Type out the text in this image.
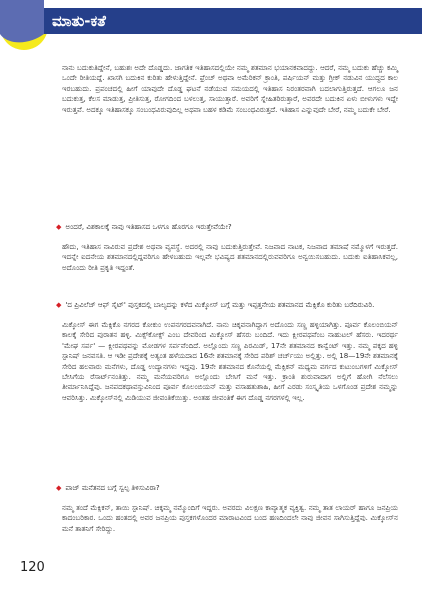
ಮಾತು-ಕತೆ
ನಾನು ಬದುಕುತಿದ್ದೇನೆ, ಬಹುಶಃ ಅದೇ ದೊಡ್ಡದು. ಜಾಗತಿಕ ಇತಿಹಾಸದಲ್ಲಿಯೇ ನಮ್ಮ ಶತಮಾನ ಭಯಾನಕವಾದದ್ದು. ಆದರೆ, ನಮ್ಮ ಬದುಕು ಹೆಚ್ಚು ಕಮ್ಮಿ ಒಂದೇ ರೀತಿಯದ್ದೆ. ಖಾಸಗಿ ಬದುಕಿನ ಕುರಿತು ಹೇಳುತ್ತಿದ್ದೇನೆ. ಫ್ರೆಂಚ್ ಅಥವಾ ಅಮೆರಿಕನ್ ಕ್ರಾಂತಿ, ಪರ್ಷಿಯನ್ ಮತ್ತು ಗ್ರೀಕ್ ನಡುವಿನ ಯುದ್ಧದ ಕಾಲ ಇರಬಹುದು. ಪ್ರಪಂಚದಲ್ಲಿ ಹೀಗೆ ಯಾವುದೇ ದೊಡ್ಡ ಘಟನೆ ನಡೆಯುವ ಸಮಯದಲ್ಲಿ ಇತಿಹಾಸ ನಿರಂತರವಾಗಿ ಬದಲಾಗುತ್ತಿರುತ್ತದೆ. ಆಗಲೂ ಜನ ಬದುಕುತ್ತ, ಕೆಲಸ ಮಾಡುತ್ತ, ಪ್ರೀತಿಸುತ್ತ, ರೋಗದಿಂದ ಬಳಲುತ್ತ, ಸಾಯುತ್ತಾರೆ. ಅವರಿಗೆ ಸ್ನೇಹಿತರಿರುತ್ತಾರೆ, ಅವರದೇ ಬದುಕಿನ ಏಳು ಬೀಳುಗಳು ಇದ್ದೇ ಇರುತ್ತವೆ. ಅದಕ್ಕೂ ಇತಿಹಾಸಕ್ಕೂ ಸಂಬಂಧವಿರುವುದಿಲ್ಲ ಅಥವಾ ಬಹಳ ಕಡಿಮೆ ಸಂಬಂಧವಿರುತ್ತದೆ. ಇತಿಹಾಸ ಎನ್ನುವುದೇ ಬೇರೆ, ನಮ್ಮ ಬದುಕೇ ಬೇರೆ.
◆ ಅಂದರೆ, ವಿಶಕಾಲಕ್ಕೆ ನಾವು ಇತಿಹಾಸದ ಒಳಗೂ ಹೊರಗೂ ಇರುತ್ತೇವೆಯೇ?
ಹೌದು, ಇತಿಹಾಸ ನಾವಿರುವ ಪ್ರದೇಶ ಅಥವಾ ವ್ಯವಸ್ಥೆ. ಅದರಲ್ಲಿ ನಾವು ಬದುಕುತ್ತಿರುತ್ತೇವೆ. ನಿಜವಾದ ನಾಟಕ, ನಿಜವಾದ ತಮಾಷೆ ನಮ್ಮೊಳಗೆ ಇರುತ್ತದೆ. ಇದನ್ನೇ ಐದನೇಯ ಶತಮಾನದಲ್ಲಿದ್ದವರಿಗೂ ಹೇಳಬಹುದು ಇಲ್ಲವೇ ಭವಿಷ್ಯದ ಶತಮಾನದಲ್ಲಿರುವವರಿಗೂ ಅನ್ವಯಿಸಬಹುದು. ಬದುಕು ಐತಿಹಾಸಿಕವಲ್ಲ, ಅದೊಂದು ರೀತಿ ಪ್ರಕೃತಿ ಇದ್ದಂತೆ.
◆ 'ದ ಪ್ರಿವಿಲೆಜ್ ಆಫ್ ಸೈಟ್' ಪುಸ್ತಕದಲ್ಲಿ ಬಾಲ್ಯದನ್ನು ಕಳೆದ ಮಿಕ್ಕೋಸ್ ಬಗ್ಗೆ ಮತ್ತು ಇಪ್ಪತ್ತನೇಯ ಶತಮಾನದ ಮೆಕ್ಸಿಕೊ ಕುರಿತು ಬರೆದಿರುವಿರಿ.
ಮಿಕ್ಕೋಸ್ ಈಗ ಮೆಕ್ಸಿಕೊ ನಗರದ ಕೋಕುಂ ಉಪನಗರದವನಾಗಿದೆ. ನಾನು ಚಿಕ್ಕವನಾಗಿದ್ದಾಗ ಅದೊಂದು ಸಣ್ಣ ಹಳ್ಳಿಯಾಗಿತ್ತು. ಪೂರ್ವ ಕೊಲಂಬಿಯನ್ ಕಾಲಕ್ಕೆ ಸೇರಿದ ಪುರಾತನ ಹಳ್ಳಿ. ಮಿಕ್ಸ್‌ಕೋಕ್ಸ್ ಎಂಬ ದೇವರಿಂದ ಮಿಕ್ಕೋಸ್ ಹೆಸರು ಬಂದಿದೆ. ಇದು ಕ್ಷೀರಪಥವೆಂಬ ನಾಹುಟಲ್ ಹೆಸರು. ಇದರರ್ಥ 'ಮೇಘ ಸರ್ಪ' — ಕ್ಷೀರಪಥವನ್ನು ಮೋಡಗಳ ಸರ್ಪವೆಂದಿದೆ. ಅಲ್ಲೊಂದು ಸಣ್ಣ ಪಿರಮಿಡ್, 17ನೇ ಶತಮಾನದ ಕಾನ್ವೆಂಟ್ ಇತ್ತು. ನಮ್ಮ ಪಕ್ಕದ ಹಳ್ಳಿ ಸ್ಪಾನಿಷ್ ಜನವಸತಿ. ಆ ಇಡೀ ಪ್ರದೇಶಕ್ಕೆ ಅತ್ಯಂತ ಹಳೆಯದಾದ 16ನೇ ಶತಮಾನಕ್ಕೆ ಸೇರಿದ ಪರಿಶ್ ಚರ್ಚ್‌ಯು ಅಲ್ಲಿತ್ತು. ಅಲ್ಲಿ 18—19ನೇ ಶತಮಾನಕ್ಕೆ ಸೇರಿದ ಹಲವಾರು ಮನೆಗಳು, ದೊಡ್ಡ ಉದ್ಯಾನಗಳು ಇದ್ದವು. 19ನೇ ಶತಮಾನದ ಕೊನೆಯಲ್ಲಿ ಮೆಕ್ಸಿಕನ್ ಮಧ್ಯಮ ವರ್ಗದ ಕುಟುಂಬಗಳಿಗೆ ಮಿಕ್ಕೋಸ್ ಬೇಸಿಗೆಯ ರೆಸಾರ್ಟ್‌ನಂತಿತ್ತು. ನಮ್ಮ ಮನೆಯವರಿಗೂ ಅಲ್ಲೊಂದು ಬೇಸಿಗೆ ಮನೆ ಇತ್ತು. ಕ್ರಾಂತಿ ಶುರುವಾದಾಗ ಅಲ್ಲಿಗೆ ಹೋಗಿ ನೆಲೆಸಲು ತೀರ್ಮಾನಿಸಿದ್ದೆವು. ಜನಪದಕಥಾವಸ್ತುವಿನಿಂದ ಪೂರ್ವ ಕೊಲಂಬಿಯನ್ ಮತ್ತು ವಸಾಹತುಶಾಹಿ, ಹೀಗೆ ಎರಡು ಸಂಸ್ಕೃತಿಯ ಒಳಗೊಂಡ ಪ್ರದೇಶ ನಮ್ಮನ್ನು ಆವರಿಸಿತ್ತು. ಮಿಕ್ಕೋಸ್‌ನಲ್ಲಿ ಮಿಡಿಯುವ ಜೀವಂತಿಕೆಯಿತ್ತು. ಅಂತಹ ಜೀವಂತಿಕೆ ಈಗ ದೊಡ್ಡ ನಗರಗಳಲ್ಲಿ ಇಲ್ಲ.
◆ ಪಾಜ್ ಮನೆತನದ ಬಗ್ಗೆ ಸ್ವಲ್ಪ ತಿಳಿಸುವಿರಾ?
ನಮ್ಮ ತಂದೆ ಮೆಕ್ಸಿಕನ್, ತಾಯಿ ಸ್ಪಾನಿಷ್. ಚಿಕ್ಕಮ್ಮ ನಮ್ಮೊಂದಿಗೆ ಇದ್ದರು. ಅವರದು ವಿಲಕ್ಷಣ ಕಾವ್ಯಾತ್ಮಕ ವ್ಯಕ್ತಿತ್ವ. ನಮ್ಮ ತಾತ ಲಾಯರ್ ಹಾಗೂ ಜನಪ್ರಿಯ ಕಾದಂಬರಿಕಾರ. ಒಂದು ಹಂತದಲ್ಲಿ ಅವರ ಜನಪ್ರಿಯ ಪುಸ್ತಕಗಳೊಂದರ ಮಾರಾಟವಿಂದ ಬಂದ ಹಣದಿಂದಲೇ ನಾವು ಜೀವನ ಸಾಗಿಸುತ್ತಿದ್ದೆವು. ಮಿಕ್ಕೋಸ್‌ನ ಮನೆ ತಾತನಿಗೆ ಸೇರಿದ್ದು.
120
